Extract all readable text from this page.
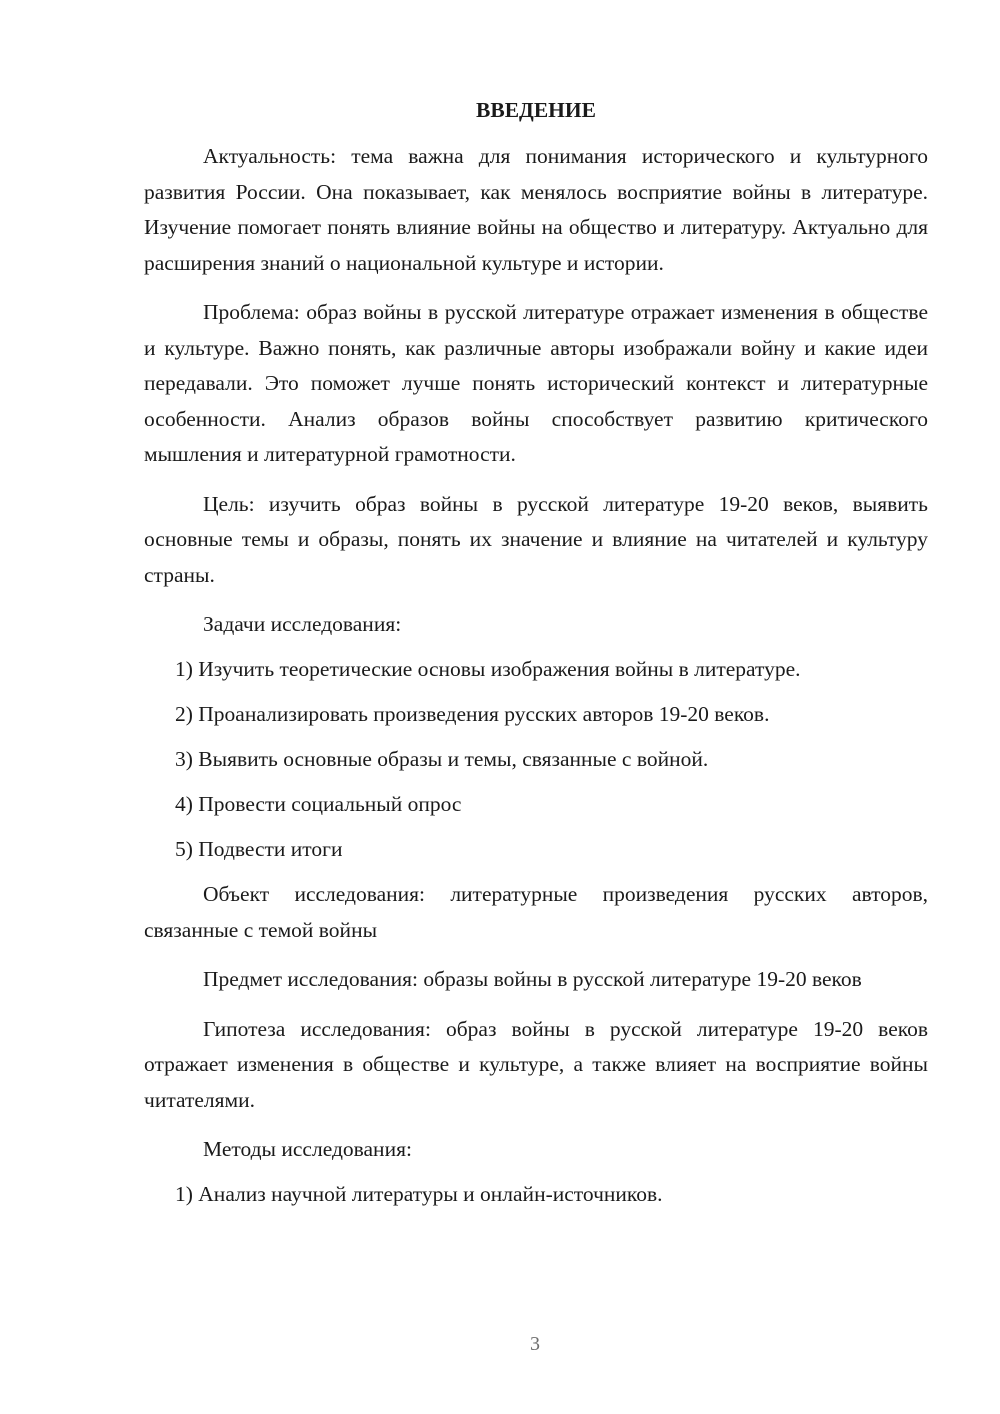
ВВЕДЕНИЕ

Актуальность: тема важна для понимания исторического и культурного развития России. Она показывает, как менялось восприятие войны в литературе. Изучение помогает понять влияние войны на общество и литературу. Актуально для расширения знаний о национальной культуре и истории.

Проблема: образ войны в русской литературе отражает изменения в обществе и культуре. Важно понять, как различные авторы изображали войну и какие идеи передавали. Это поможет лучше понять исторический контекст и литературные особенности. Анализ образов войны способствует развитию критического мышления и литературной грамотности.

Цель: изучить образ войны в русской литературе 19-20 веков, выявить основные темы и образы, понять их значение и влияние на читателей и культуру страны.

Задачи исследования:
1) Изучить теоретические основы изображения войны в литературе.
2) Проанализировать произведения русских авторов 19-20 веков.
3) Выявить основные образы и темы, связанные с войной.
4) Провести социальный опрос
5) Подвести итоги

Объект исследования: литературные произведения русских авторов, связанные с темой войны

Предмет исследования: образы войны в русской литературе 19-20 веков

Гипотеза исследования: образ войны в русской литературе 19-20 веков отражает изменения в обществе и культуре, а также влияет на восприятие войны читателями.

Методы исследования:
1) Анализ научной литературы и онлайн-источников.
3
